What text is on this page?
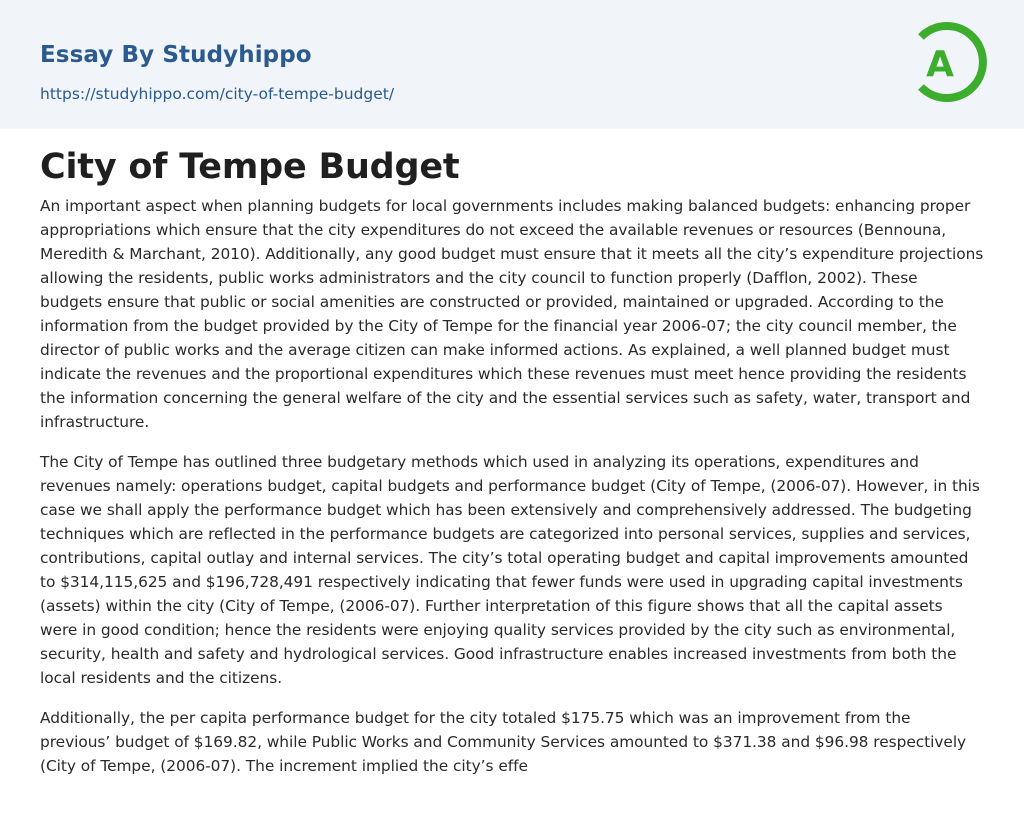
Essay By Studyhippo
https://studyhippo.com/city-of-tempe-budget/
A
City of Tempe Budget

An important aspect when planning budgets for local governments includes making balanced budgets: enhancing proper appropriations which ensure that the city expenditures do not exceed the available revenues or resources (Bennouna, Meredith & Marchant, 2010). Additionally, any good budget must ensure that it meets all the city’s expenditure projections allowing the residents, public works administrators and the city council to function properly (Dafflon, 2002). These budgets ensure that public or social amenities are constructed or provided, maintained or upgraded. According to the information from the budget provided by the City of Tempe for the financial year 2006-07; the city council member, the director of public works and the average citizen can make informed actions. As explained, a well planned budget must indicate the revenues and the proportional expenditures which these revenues must meet hence providing the residents the information concerning the general welfare of the city and the essential services such as safety, water, transport and infrastructure.

The City of Tempe has outlined three budgetary methods which used in analyzing its operations, expenditures and revenues namely: operations budget, capital budgets and performance budget (City of Tempe, (2006-07). However, in this case we shall apply the performance budget which has been extensively and comprehensively addressed. The budgeting techniques which are reflected in the performance budgets are categorized into personal services, supplies and services, contributions, capital outlay and internal services. The city’s total operating budget and capital improvements amounted to $314,115,625 and $196,728,491 respectively indicating that fewer funds were used in upgrading capital investments (assets) within the city (City of Tempe, (2006-07). Further interpretation of this figure shows that all the capital assets were in good condition; hence the residents were enjoying quality services provided by the city such as environmental, security, health and safety and hydrological services. Good infrastructure enables increased investments from both the local residents and the citizens.

Additionally, the per capita performance budget for the city totaled $175.75 which was an improvement from the previous’ budget of $169.82, while Public Works and Community Services amounted to $371.38 and $96.98 respectively (City of Tempe, (2006-07). The increment implied the city’s effe
